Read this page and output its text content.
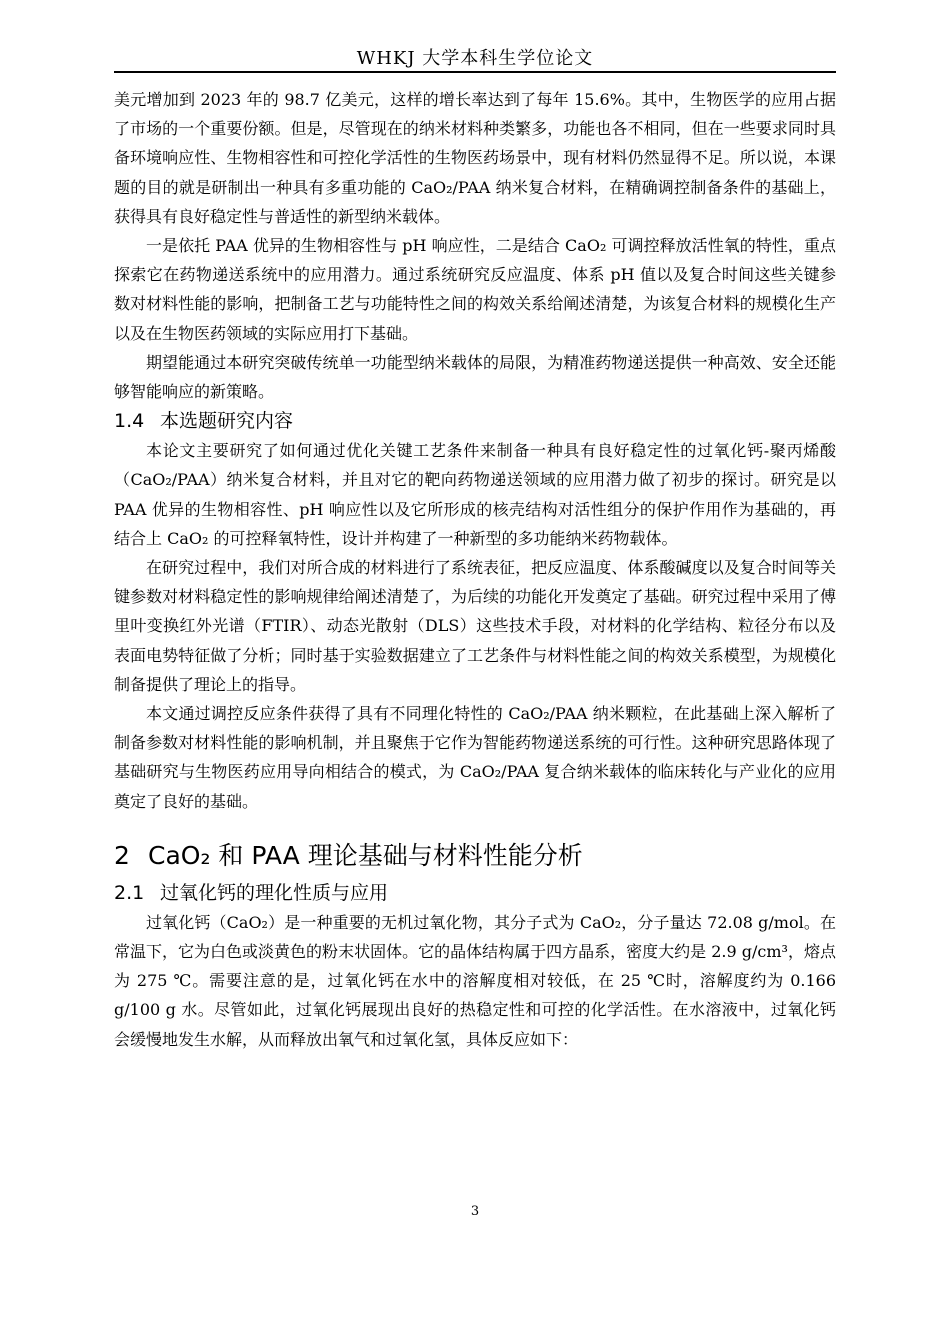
WHKJ 大学本科生学位论文

美元增加到 2023 年的 98.7 亿美元，这样的增长率达到了每年 15.6%。其中，生物医学的应用占据了市场的一个重要份额。但是，尽管现在的纳米材料种类繁多，功能也各不相同，但在一些要求同时具备环境响应性、生物相容性和可控化学活性的生物医药场景中，现有材料仍然显得不足。所以说，本课题的目的就是研制出一种具有多重功能的 CaO₂/PAA 纳米复合材料，在精确调控制备条件的基础上，获得具有良好稳定性与普适性的新型纳米载体。

一是依托 PAA 优异的生物相容性与 pH 响应性，二是结合 CaO₂ 可调控释放活性氧的特性，重点探索它在药物递送系统中的应用潜力。通过系统研究反应温度、体系 pH 值以及复合时间这些关键参数对材料性能的影响，把制备工艺与功能特性之间的构效关系给阐述清楚，为该复合材料的规模化生产以及在生物医药领域的实际应用打下基础。

期望能通过本研究突破传统单一功能型纳米载体的局限，为精准药物递送提供一种高效、安全还能够智能响应的新策略。

1.4 本选题研究内容

本论文主要研究了如何通过优化关键工艺条件来制备一种具有良好稳定性的过氧化钙-聚丙烯酸（CaO₂/PAA）纳米复合材料，并且对它的靶向药物递送领域的应用潜力做了初步的探讨。研究是以 PAA 优异的生物相容性、pH 响应性以及它所形成的核壳结构对活性组分的保护作用作为基础的，再结合上 CaO₂ 的可控释氧特性，设计并构建了一种新型的多功能纳米药物载体。

在研究过程中，我们对所合成的材料进行了系统表征，把反应温度、体系酸碱度以及复合时间等关键参数对材料稳定性的影响规律给阐述清楚了，为后续的功能化开发奠定了基础。研究过程中采用了傅里叶变换红外光谱（FTIR）、动态光散射（DLS）这些技术手段，对材料的化学结构、粒径分布以及表面电势特征做了分析；同时基于实验数据建立了工艺条件与材料性能之间的构效关系模型，为规模化制备提供了理论上的指导。

本文通过调控反应条件获得了具有不同理化特性的 CaO₂/PAA 纳米颗粒，在此基础上深入解析了制备参数对材料性能的影响机制，并且聚焦于它作为智能药物递送系统的可行性。这种研究思路体现了基础研究与生物医药应用导向相结合的模式，为 CaO₂/PAA 复合纳米载体的临床转化与产业化的应用奠定了良好的基础。

2 CaO₂ 和 PAA 理论基础与材料性能分析
2.1 过氧化钙的理化性质与应用

过氧化钙（CaO₂）是一种重要的无机过氧化物，其分子式为 CaO₂，分子量达 72.08 g/mol。在常温下，它为白色或淡黄色的粉末状固体。它的晶体结构属于四方晶系，密度大约是 2.9 g/cm³，熔点为 275 ℃。需要注意的是，过氧化钙在水中的溶解度相对较低，在 25 ℃时，溶解度约为 0.166 g/100 g 水。尽管如此，过氧化钙展现出良好的热稳定性和可控的化学活性。在水溶液中，过氧化钙会缓慢地发生水解，从而释放出氧气和过氧化氢，具体反应如下：

3
